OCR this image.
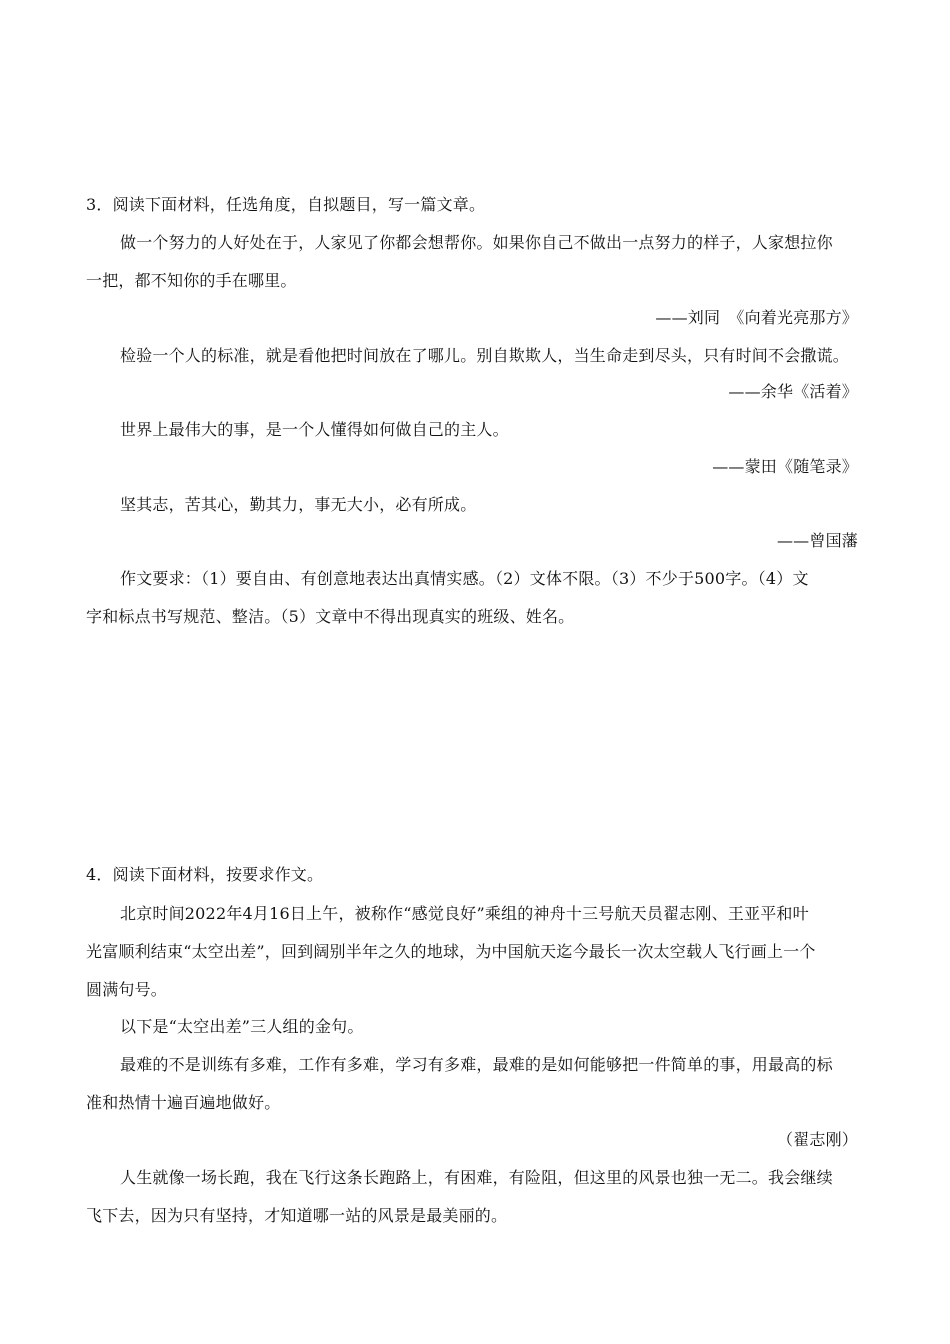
3．阅读下面材料，任选角度，自拟题目，写一篇文章。
做一个努力的人好处在于，人家见了你都会想帮你。如果你自己不做出一点努力的样子，人家想拉你
一把，都不知你的手在哪里。
——刘同　《向着光亮那方》
检验一个人的标准，就是看他把时间放在了哪儿。别自欺欺人，当生命走到尽头，只有时间不会撒谎。
——余华《活着》
世界上最伟大的事，是一个人懂得如何做自己的主人。
——蒙田《随笔录》
坚其志，苦其心，勤其力，事无大小，必有所成。
——曾国藩
作文要求：（1）要自由、有创意地表达出真情实感。（2）文体不限。（3）不少于500字。（4）文
字和标点书写规范、整洁。（5）文章中不得出现真实的班级、姓名。
4．阅读下面材料，按要求作文。
北京时间2022年4月16日上午，被称作“感觉良好”乘组的神舟十三号航天员翟志刚、王亚平和叶
光富顺利结束“太空出差”，回到阔别半年之久的地球，为中国航天迄今最长一次太空载人飞行画上一个
圆满句号。
以下是“太空出差”三人组的金句。
最难的不是训练有多难，工作有多难，学习有多难，最难的是如何能够把一件简单的事，用最高的标
准和热情十遍百遍地做好。
（翟志刚）
人生就像一场长跑，我在飞行这条长跑路上，有困难，有险阻，但这里的风景也独一无二。我会继续
飞下去，因为只有坚持，才知道哪一站的风景是最美丽的。
